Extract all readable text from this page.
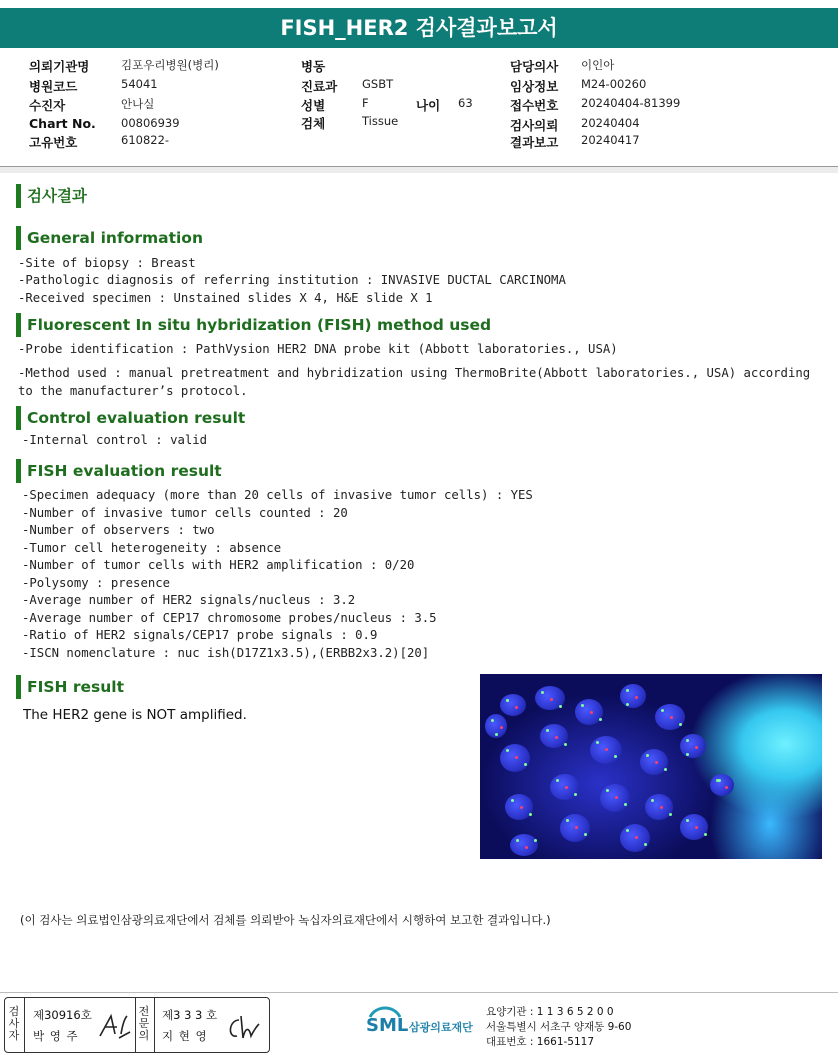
FISH_HER2 검사결과보고서
의뢰기관명	김포우리병원(병리)
병원코드	54041
수진자	안나실
Chart No. 00806939
고유번호	610822-
병동
진료과 GSBT
성별	F	나이 63
검체	Tissue
담당의사 이인아
임상정보 M24-00260
접수번호 20240404-81399
검사의뢰 20240404
결과보고 20240417
검사결과
General information
-Site of biopsy : Breast
-Pathologic diagnosis of referring institution : INVASIVE DUCTAL CARCINOMA
-Received specimen : Unstained slides X 4, H&E slide X 1
Fluorescent In situ hybridization (FISH) method used
-Probe identification : PathVysion HER2 DNA probe kit (Abbott laboratories., USA)
-Method used : manual pretreatment and hybridization using ThermoBrite(Abbott laboratories., USA) according
to the manufacturer’s protocol.
Control evaluation result
-Internal control : valid
FISH evaluation result
-Specimen adequacy (more than 20 cells of invasive tumor cells) : YES
-Number of invasive tumor cells counted : 20
-Number of observers : two
-Tumor cell heterogeneity : absence
-Number of tumor cells with HER2 amplification : 0/20
-Polysomy : presence
-Average number of HER2 signals/nucleus : 3.2
-Average number of CEP17 chromosome probes/nucleus : 3.5
-Ratio of HER2 signals/CEP17 probe signals : 0.9
-ISCN nomenclature : nuc ish(D17Z1x3.5),(ERBB2x3.2)[20]
FISH result
The HER2 gene is NOT amplified.
(이 검사는 의료법인삼광의료재단에서 검체를 의뢰받아 녹십자의료재단에서 시행하여 보고한 결과입니다.)
검
사
자
제30916호
박 영 주
전
문
의
제3 3 3 호
지 현 영	SML 삼광의료재단
요양기관 : 1 1 3 6 5 2 0 0
서울특별시 서초구 양재동 9-60
대표번호 : 1661-5117
